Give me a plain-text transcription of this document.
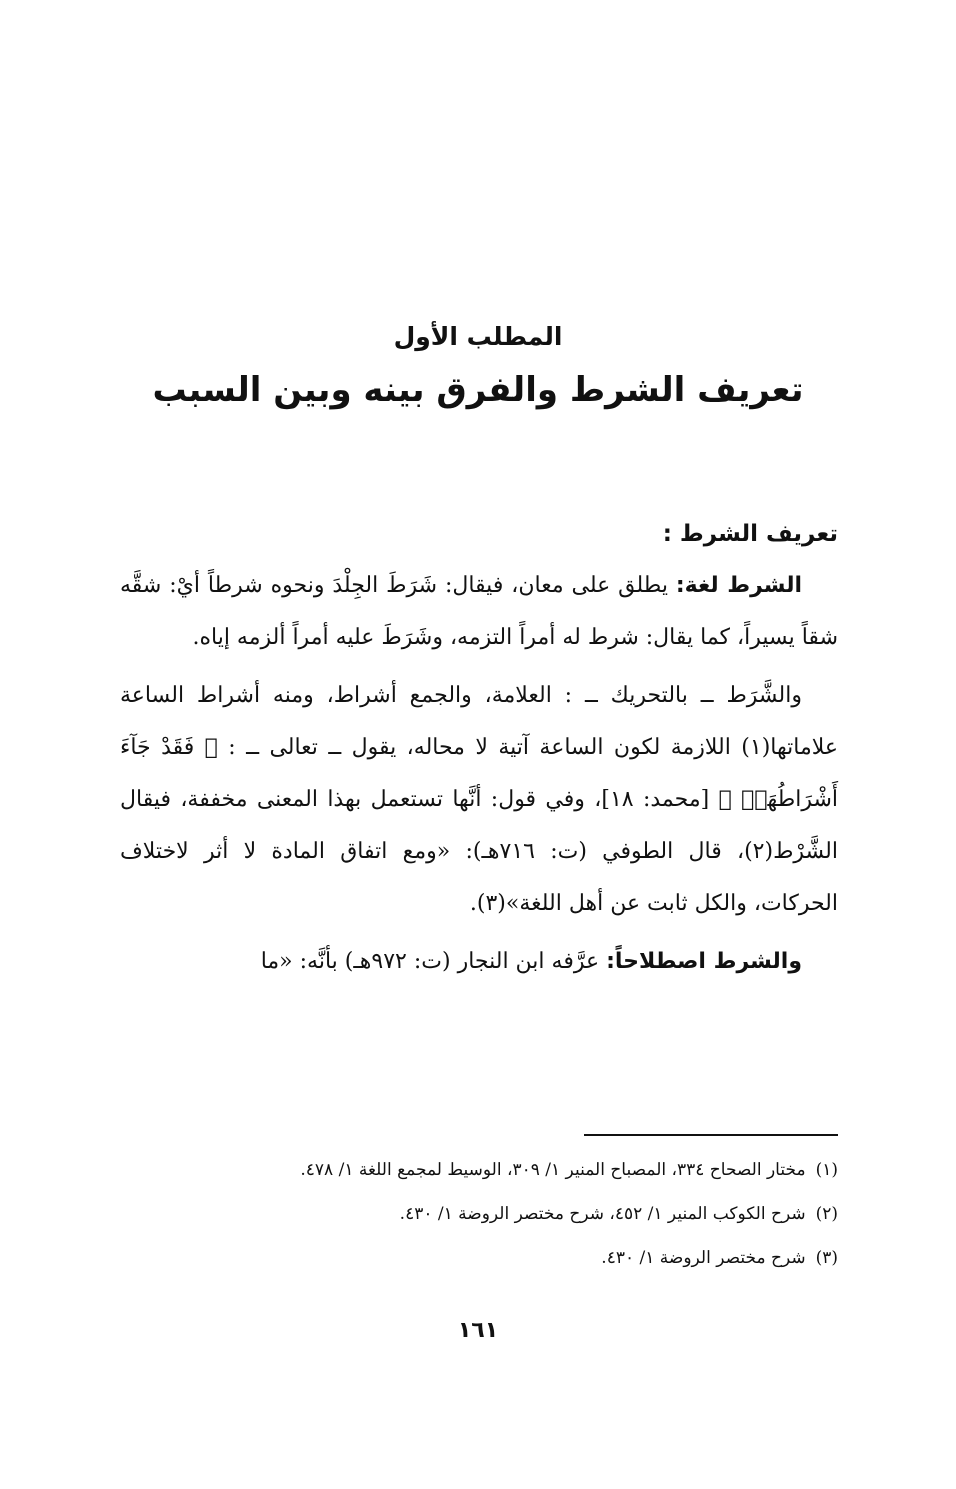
المطلب الأول
تعريف الشرط والفرق بينه وبين السبب
تعريف الشرط :

الشرط لغة: يطلق على معان، فيقال: شَرَطَ الجِلْدَ ونحوه شرطاً أيْ: شقَّه شقاً يسيراً، كما يقال: شرط له أمراً التزمه، وشَرَطَ عليه أمراً ألزمه إياه.

والشَّرَط ــ بالتحريك ــ : العلامة، والجمع أشراط، ومنه أشراط الساعة علاماتها(١) اللازمة لكون الساعة آتية لا محاله، يقول ــ تعالى ــ : ﴿ فَقَدْ جَآءَ أَشْرَاطُهَاۚ ﴾ [محمد: ١٨]، وفي قول: أنَّها تستعمل بهذا المعنى مخففة، فيقال الشَّرْط(٢)، قال الطوفي (ت: ٧١٦هـ): «ومع اتفاق المادة لا أثر لاختلاف الحركات، والكل ثابت عن أهل اللغة»(٣).

والشرط اصطلاحاً: عرَّفه ابن النجار (ت: ٩٧٢هـ) بأنَّه: «ما

(١)مختار الصحاح ٣٣٤، المصباح المنير ١/ ٣٠٩، الوسيط لمجمع اللغة ١/ ٤٧٨.
(٢)شرح الكوكب المنير ١/ ٤٥٢، شرح مختصر الروضة ١/ ٤٣٠.
(٣)شرح مختصر الروضة ١/ ٤٣٠.
١٦١
